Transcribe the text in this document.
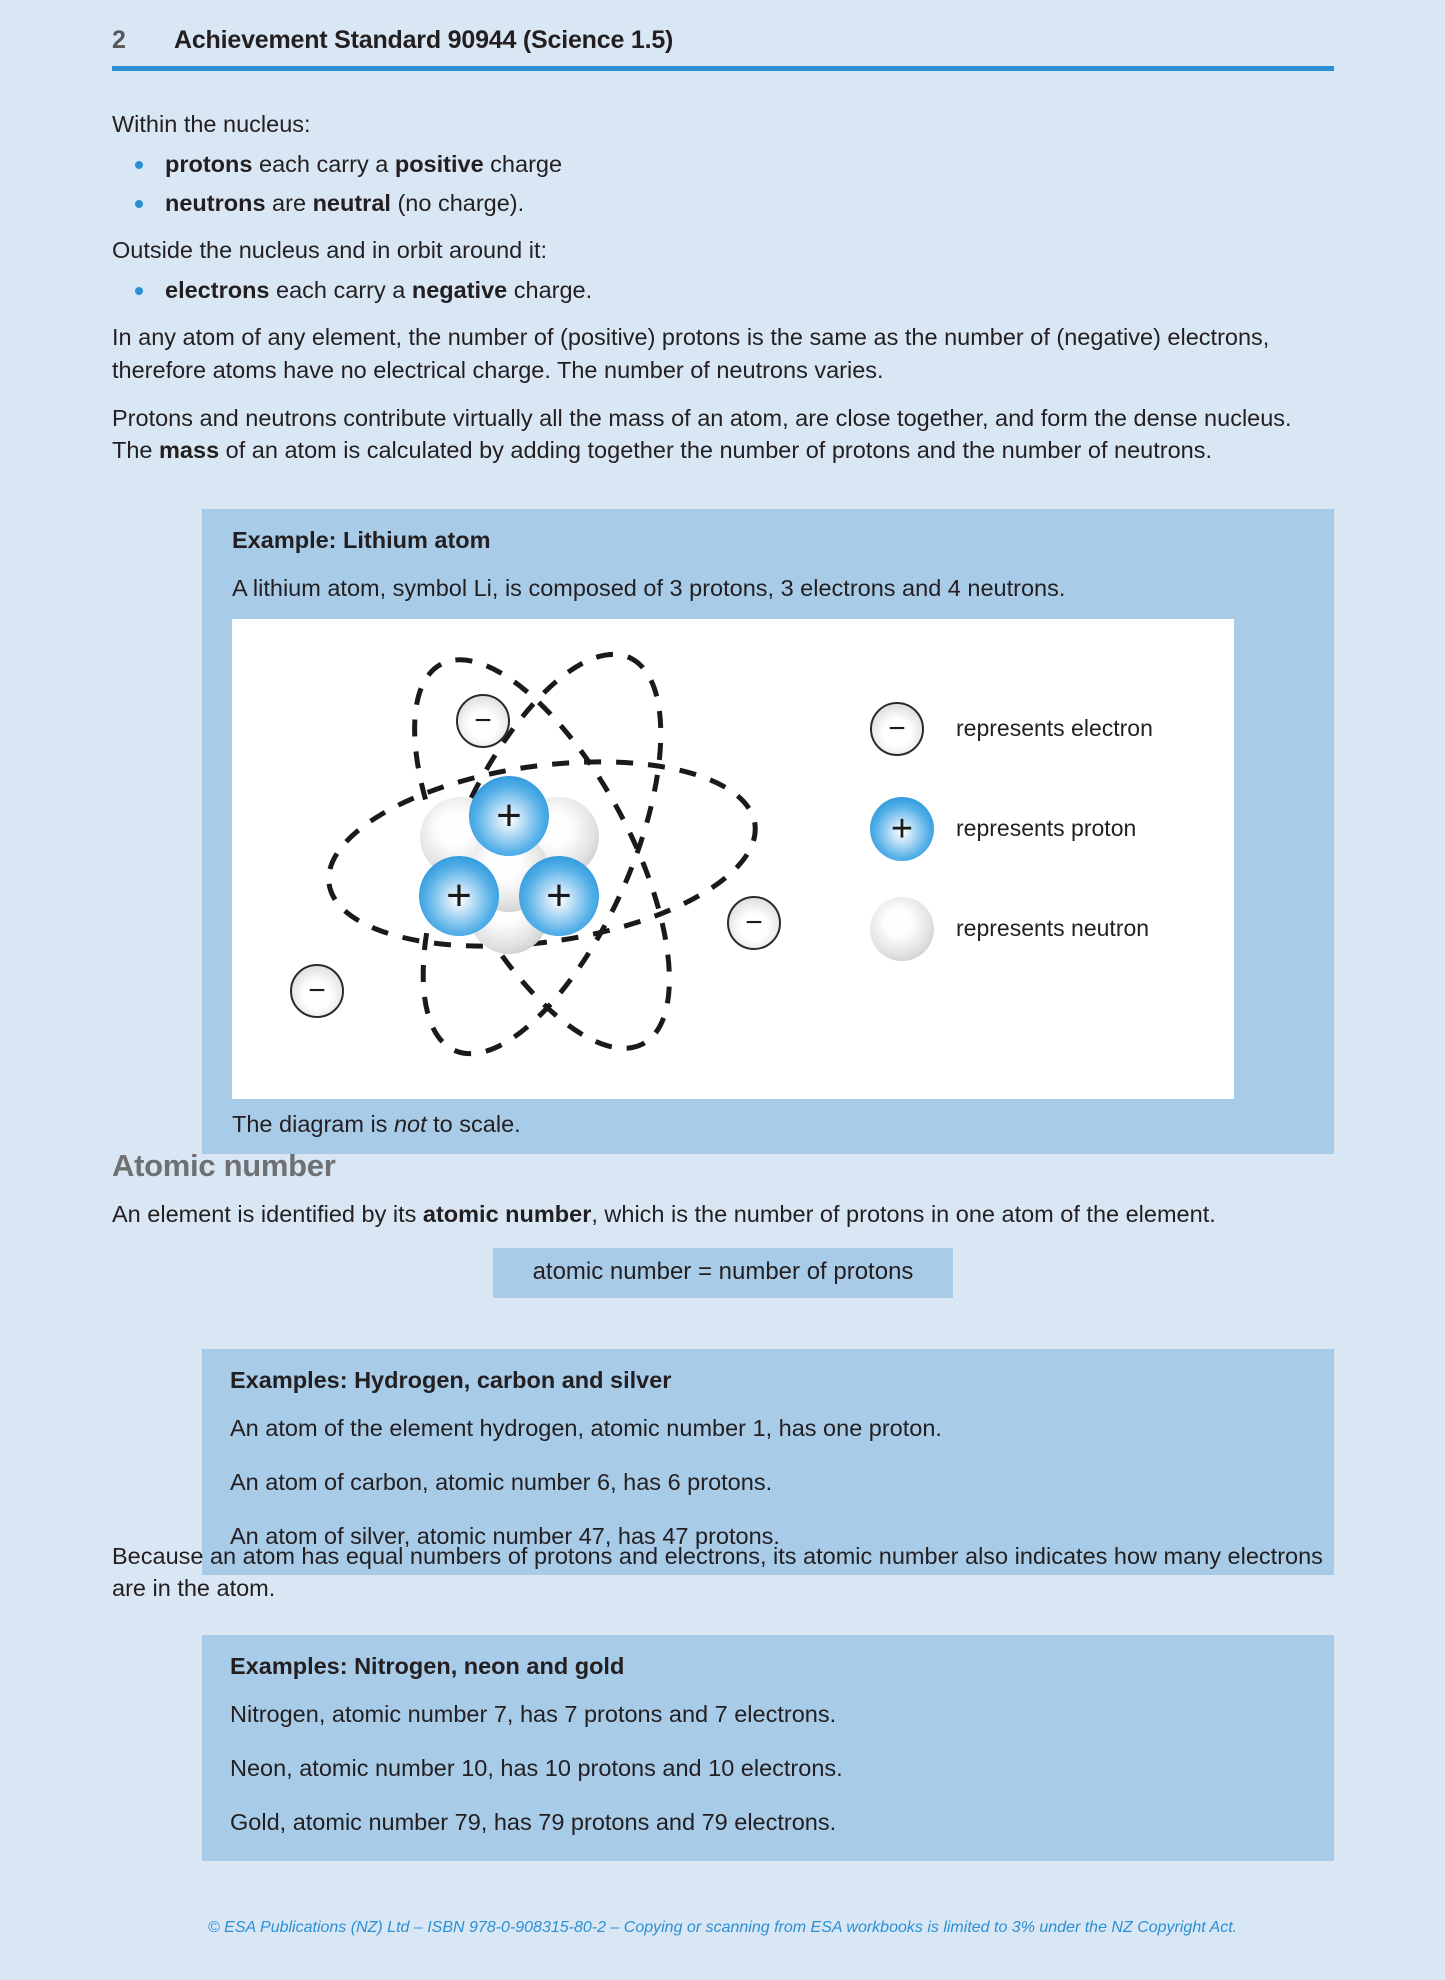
2	Achievement Standard 90944 (Science 1.5)

Within the nucleus:

protons each carry a positive charge
neutrons are neutral (no charge).

Outside the nucleus and in orbit around it:

electrons each carry a negative charge.

In any atom of any element, the number of (positive) protons is the same as the number of (negative) electrons, therefore atoms have no electrical charge. The number of neutrons varies.

Protons and neutrons contribute virtually all the mass of an atom, are close together, and form the dense nucleus. The mass of an atom is calculated by adding together the number of protons and the number of neutrons.

Example: Lithium atom
A lithium atom, symbol Li, is composed of 3 protons, 3 electrons and 4 neutrons.
−
−
−
+
+ +
− represents electron
+ represents proton
represents neutron
The diagram is not to scale.
Atomic number

An element is identified by its atomic number, which is the number of protons in one atom of the element.

atomic number = number of protons
Examples: Hydrogen, carbon and silver
An atom of the element hydrogen, atomic number 1, has one proton.
An atom of carbon, atomic number 6, has 6 protons.
An atom of silver, atomic number 47, has 47 protons.

Because an atom has equal numbers of protons and electrons, its atomic number also indicates how many electrons are in the atom.

Examples: Nitrogen, neon and gold
Nitrogen, atomic number 7, has 7 protons and 7 electrons.
Neon, atomic number 10, has 10 protons and 10 electrons.
Gold, atomic number 79, has 79 protons and 79 electrons.
© ESA Publications (NZ) Ltd – ISBN 978-0-908315-80-2 – Copying or scanning from ESA workbooks is limited to 3% under the NZ Copyright Act.
